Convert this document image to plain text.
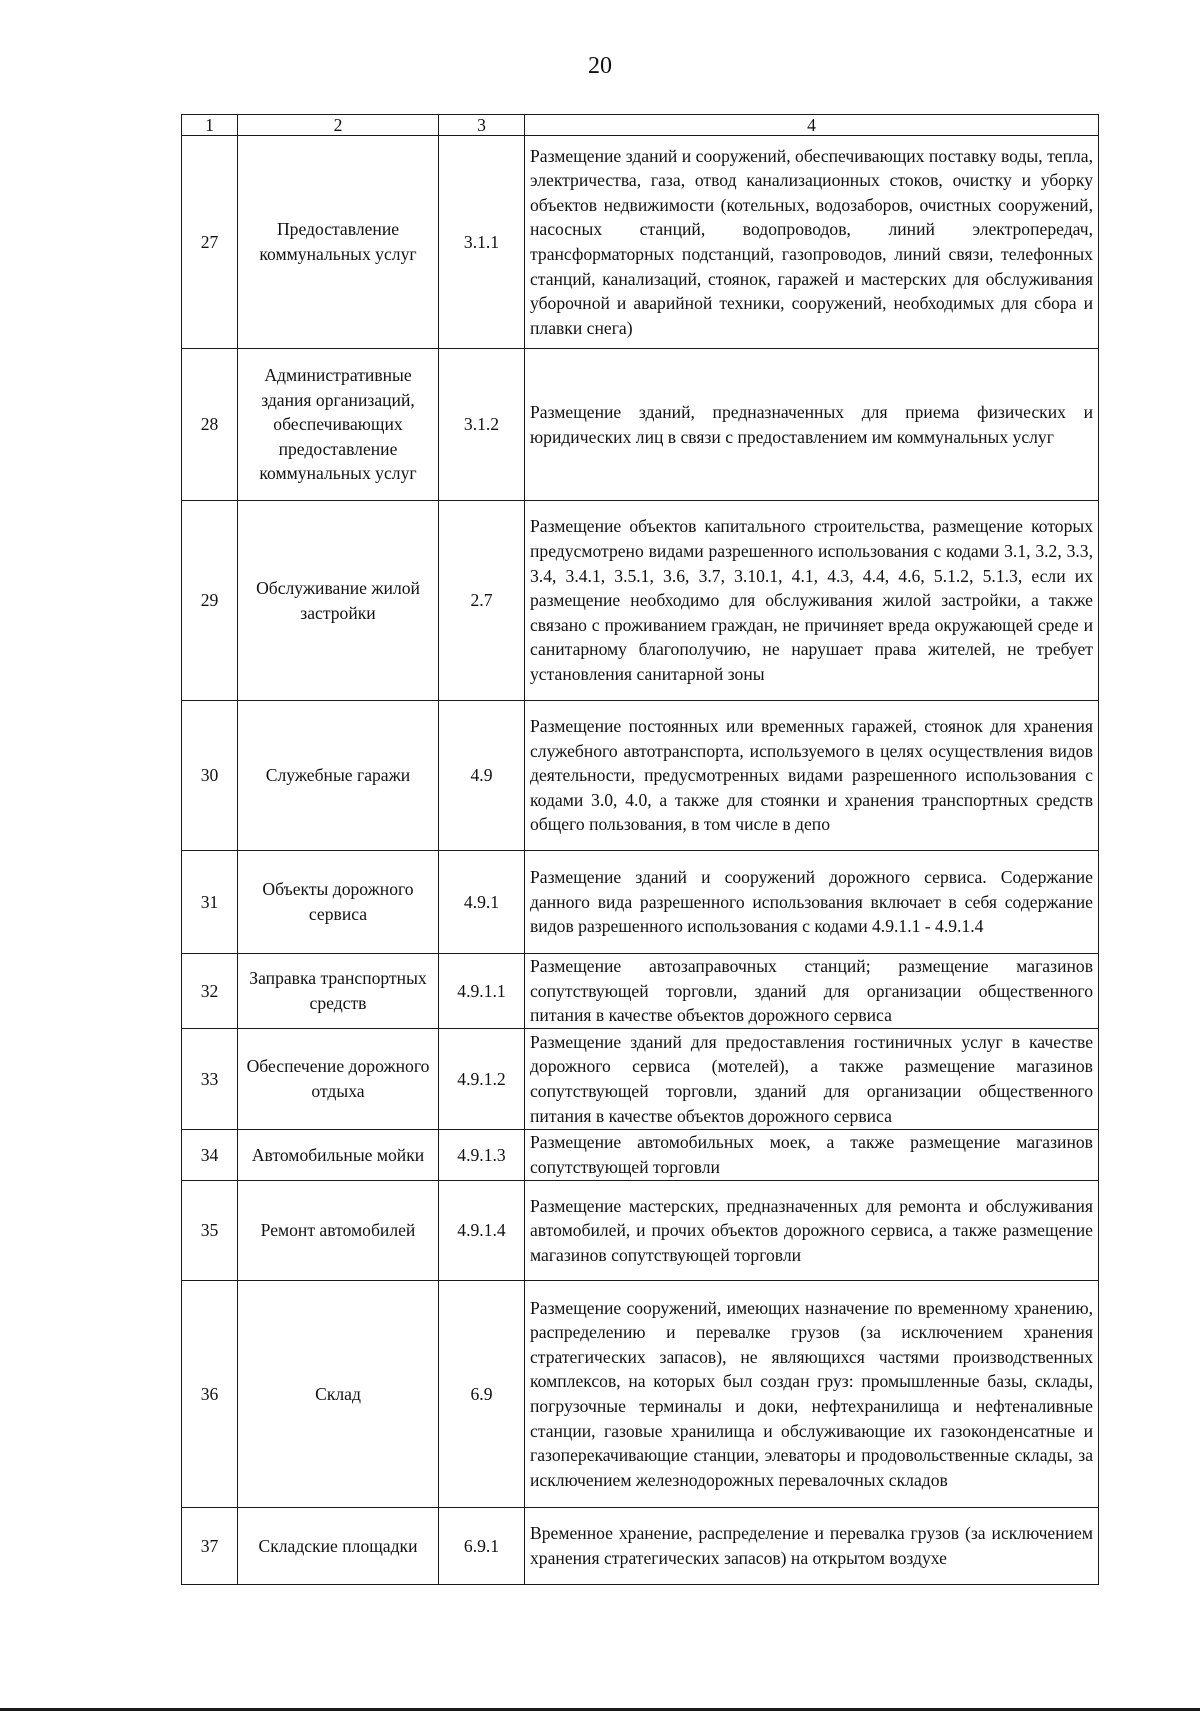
20
1	2	3	4
27	Предоставление коммунальных услуг	3.1.1	Размещение зданий и сооружений, обеспечивающих поставку воды, тепла, электричества, газа, отвод канализационных стоков, очистку и уборку объектов недвижимости (котельных, водозаборов, очистных сооружений, насосных станций, водопроводов, линий электропередач, трансформаторных подстанций, газопроводов, линий связи, телефонных станций, канализаций, стоянок, гаражей и мастерских для обслуживания уборочной и аварийной техники, сооружений, необходимых для сбора и плавки снега)
28	Административные здания организаций, обеспечивающих предоставление коммунальных услуг	3.1.2	Размещение зданий, предназначенных для приема физических и юридических лиц в связи с предоставлением им коммунальных услуг
29	Обслуживание жилой застройки	2.7	Размещение объектов капитального строительства, размещение которых предусмотрено видами разрешенного использования с кодами 3.1, 3.2, 3.3, 3.4, 3.4.1, 3.5.1, 3.6, 3.7, 3.10.1, 4.1, 4.3, 4.4, 4.6, 5.1.2, 5.1.3, если их размещение необходимо для обслуживания жилой застройки, а также связано с проживанием граждан, не причиняет вреда окружающей среде и санитарному благополучию, не нарушает права жителей, не требует установления санитарной зоны
30	Служебные гаражи	4.9	Размещение постоянных или временных гаражей, стоянок для хранения служебного автотранспорта, используемого в целях осуществления видов деятельности, предусмотренных видами разрешенного использования с кодами 3.0, 4.0, а также для стоянки и хранения транспортных средств общего пользования, в том числе в депо
31	Объекты дорожного сервиса	4.9.1	Размещение зданий и сооружений дорожного сервиса. Содержание данного вида разрешенного использования включает в себя содержание видов разрешенного использования с кодами 4.9.1.1 - 4.9.1.4
32	Заправка транспортных средств	4.9.1.1	Размещение автозаправочных станций; размещение магазинов сопутствующей торговли, зданий для организации общественного питания в качестве объектов дорожного сервиса
33	Обеспечение дорожного отдыха	4.9.1.2	Размещение зданий для предоставления гостиничных услуг в качестве дорожного сервиса (мотелей), а также размещение магазинов сопутствующей торговли, зданий для организации общественного питания в качестве объектов дорожного сервиса
34	Автомобильные мойки	4.9.1.3	Размещение автомобильных моек, а также размещение магазинов сопутствующей торговли
35	Ремонт автомобилей	4.9.1.4	Размещение мастерских, предназначенных для ремонта и обслуживания автомобилей, и прочих объектов дорожного сервиса, а также размещение магазинов сопутствующей торговли
36	Склад	6.9	Размещение сооружений, имеющих назначение по временному хранению, распределению и перевалке грузов (за исключением хранения стратегических запасов), не являющихся частями производственных комплексов, на которых был создан груз: промышленные базы, склады, погрузочные терминалы и доки, нефтехранилища и нефтеналивные станции, газовые хранилища и обслуживающие их газоконденсатные и газоперекачивающие станции, элеваторы и продовольственные склады, за исключением железнодорожных перевалочных складов
37	Складские площадки	6.9.1	Временное хранение, распределение и перевалка грузов (за исключением хранения стратегических запасов) на открытом воздухе
